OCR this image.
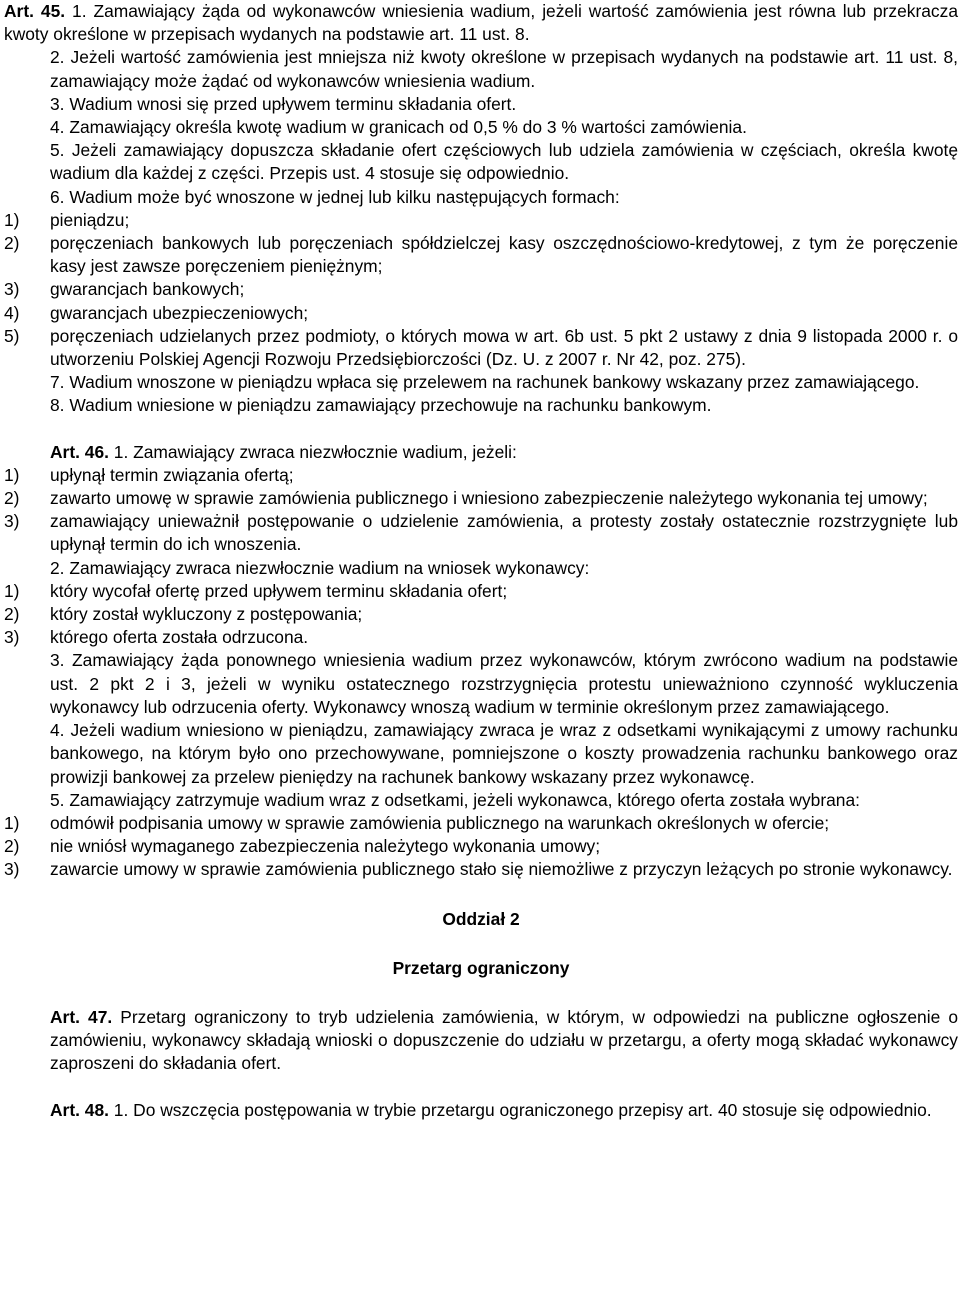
Art. 45. 1. Zamawiający żąda od wykonawców wniesienia wadium, jeżeli wartość zamówienia jest równa lub przekracza kwoty określone w przepisach wydanych na podstawie art. 11 ust. 8.

2. Jeżeli wartość zamówienia jest mniejsza niż kwoty określone w przepisach wydanych na podstawie art. 11 ust. 8, zamawiający może żądać od wykonawców wniesienia wadium.

3. Wadium wnosi się przed upływem terminu składania ofert.

4. Zamawiający określa kwotę wadium w granicach od 0,5 % do 3 % wartości zamówienia.

5. Jeżeli zamawiający dopuszcza składanie ofert częściowych lub udziela zamówienia w częściach, określa kwotę wadium dla każdej z części. Przepis ust. 4 stosuje się odpowiednio.

6. Wadium może być wnoszone w jednej lub kilku następujących formach:

1)	pieniądzu;
2)	poręczeniach bankowych lub poręczeniach spółdzielczej kasy oszczędnościowo-kredytowej, z tym że poręczenie kasy jest zawsze poręczeniem pieniężnym;
3)	gwarancjach bankowych;
4)	gwarancjach ubezpieczeniowych;
5)	poręczeniach udzielanych przez podmioty, o których mowa w art. 6b ust. 5 pkt 2 ustawy z dnia 9 listopada 2000 r. o utworzeniu Polskiej Agencji Rozwoju Przedsiębiorczości (Dz. U. z 2007 r. Nr 42, poz. 275).

7. Wadium wnoszone w pieniądzu wpłaca się przelewem na rachunek bankowy wskazany przez zamawiającego.

8. Wadium wniesione w pieniądzu zamawiający przechowuje na rachunku bankowym.

Art. 46. 1. Zamawiający zwraca niezwłocznie wadium, jeżeli:

1)	upłynął termin związania ofertą;
2)	zawarto umowę w sprawie zamówienia publicznego i wniesiono zabezpieczenie należytego wykonania tej umowy;
3)	zamawiający unieważnił postępowanie o udzielenie zamówienia, a protesty zostały ostatecznie rozstrzygnięte lub upłynął termin do ich wnoszenia.

2. Zamawiający zwraca niezwłocznie wadium na wniosek wykonawcy:

1)	który wycofał ofertę przed upływem terminu składania ofert;
2)	który został wykluczony z postępowania;
3)	którego oferta została odrzucona.

3. Zamawiający żąda ponownego wniesienia wadium przez wykonawców, którym zwrócono wadium na podstawie ust. 2 pkt 2 i 3, jeżeli w wyniku ostatecznego rozstrzygnięcia protestu unieważniono czynność wykluczenia wykonawcy lub odrzucenia oferty. Wykonawcy wnoszą wadium w terminie określonym przez zamawiającego.

4. Jeżeli wadium wniesiono w pieniądzu, zamawiający zwraca je wraz z odsetkami wynikającymi z umowy rachunku bankowego, na którym było ono przechowywane, pomniejszone o koszty prowadzenia rachunku bankowego oraz prowizji bankowej za przelew pieniędzy na rachunek bankowy wskazany przez wykonawcę.

5. Zamawiający zatrzymuje wadium wraz z odsetkami, jeżeli wykonawca, którego oferta została wybrana:

1)	odmówił podpisania umowy w sprawie zamówienia publicznego na warunkach określonych w ofercie;
2)	nie wniósł wymaganego zabezpieczenia należytego wykonania umowy;
3)	zawarcie umowy w sprawie zamówienia publicznego stało się niemożliwe z przyczyn leżących po stronie wykonawcy.

Oddział 2

Przetarg ograniczony

Art. 47. Przetarg ograniczony to tryb udzielenia zamówienia, w którym, w odpowiedzi na publiczne ogłoszenie o zamówieniu, wykonawcy składają wnioski o dopuszczenie do udziału w przetargu, a oferty mogą składać wykonawcy zaproszeni do składania ofert.

Art. 48. 1. Do wszczęcia postępowania w trybie przetargu ograniczonego przepisy art. 40 stosuje się odpowiednio.
